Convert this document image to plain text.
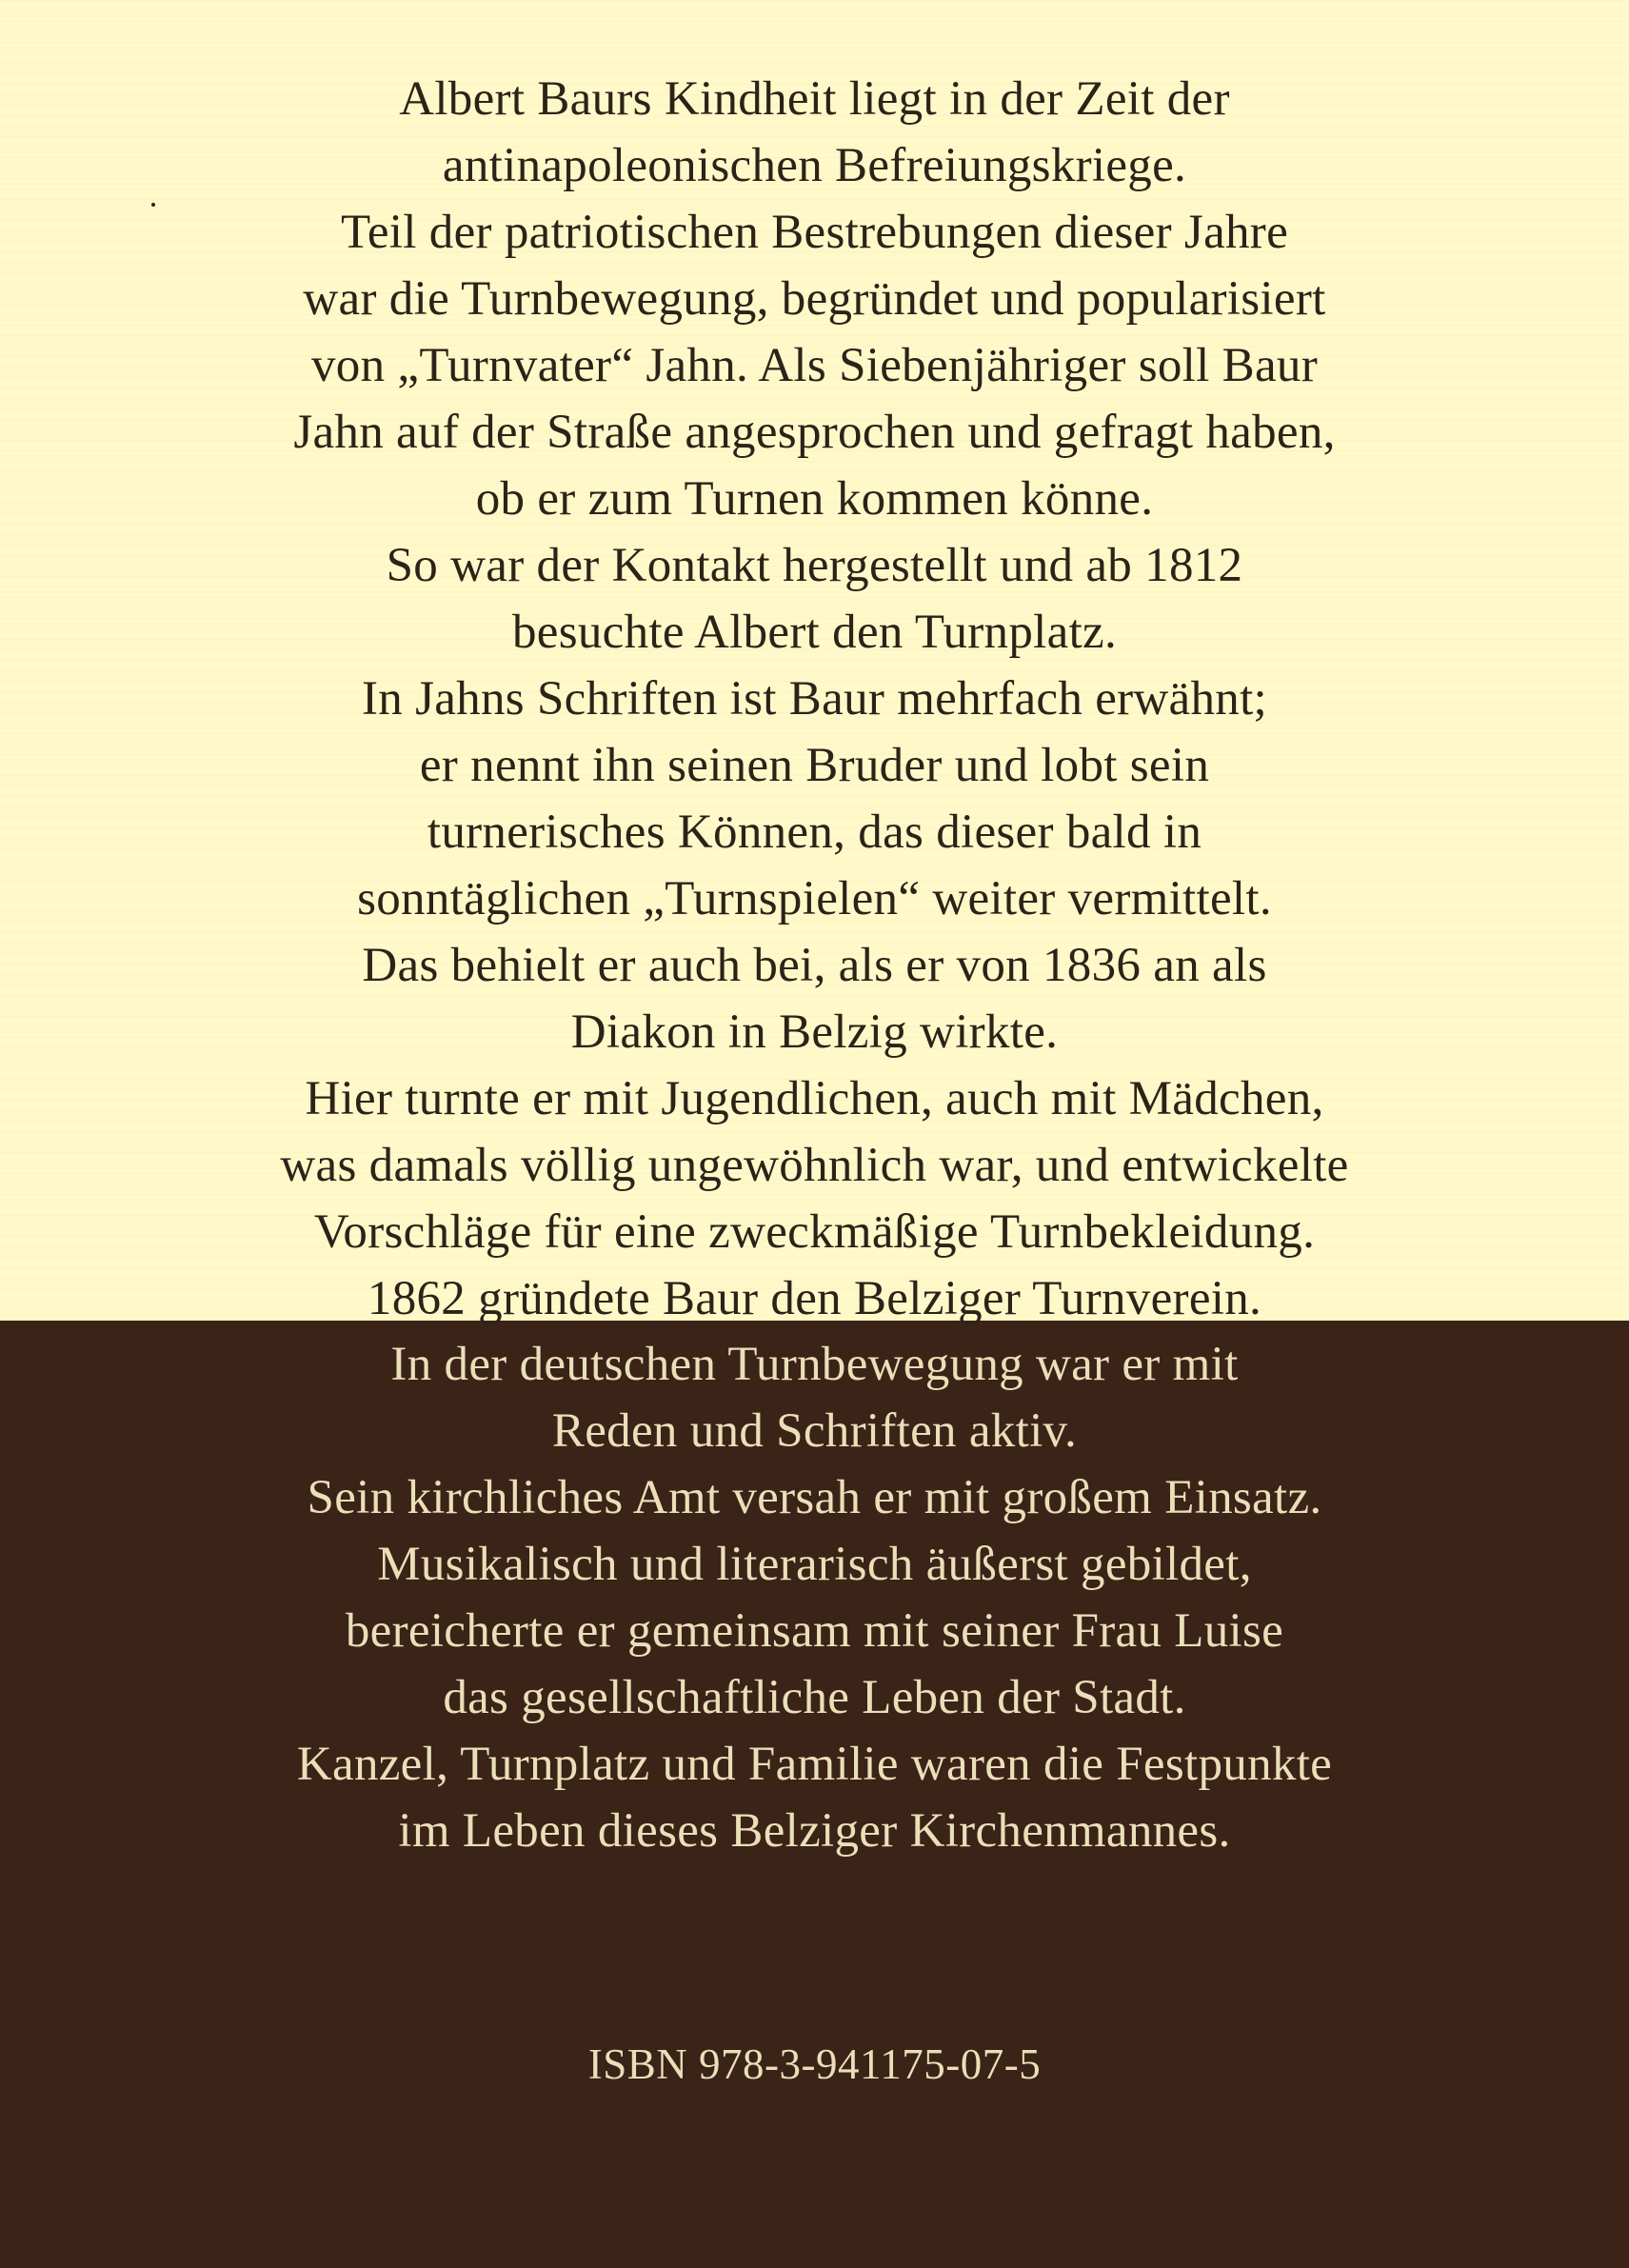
Albert Baurs Kindheit liegt in der Zeit der
antinapoleonischen Befreiungskriege.
Teil der patriotischen Bestrebungen dieser Jahre
war die Turnbewegung, begründet und popularisiert
von „Turnvater“ Jahn. Als Siebenjähriger soll Baur
Jahn auf der Straße angesprochen und gefragt haben,
ob er zum Turnen kommen könne.
So war der Kontakt hergestellt und ab 1812
besuchte Albert den Turnplatz.
In Jahns Schriften ist Baur mehrfach erwähnt;
er nennt ihn seinen Bruder und lobt sein
turnerisches Können, das dieser bald in
sonntäglichen „Turnspielen“ weiter vermittelt.
Das behielt er auch bei, als er von 1836 an als
Diakon in Belzig wirkte.
Hier turnte er mit Jugendlichen, auch mit Mädchen,
was damals völlig ungewöhnlich war, und entwickelte
Vorschläge für eine zweckmäßige Turnbekleidung.
1862 gründete Baur den Belziger Turnverein.
In der deutschen Turnbewegung war er mit
Reden und Schriften aktiv.
Sein kirchliches Amt versah er mit großem Einsatz.
Musikalisch und literarisch äußerst gebildet,
bereicherte er gemeinsam mit seiner Frau Luise
das gesellschaftliche Leben der Stadt.
Kanzel, Turnplatz und Familie waren die Festpunkte
im Leben dieses Belziger Kirchenmannes.

ISBN 978-3-941175-07-5
